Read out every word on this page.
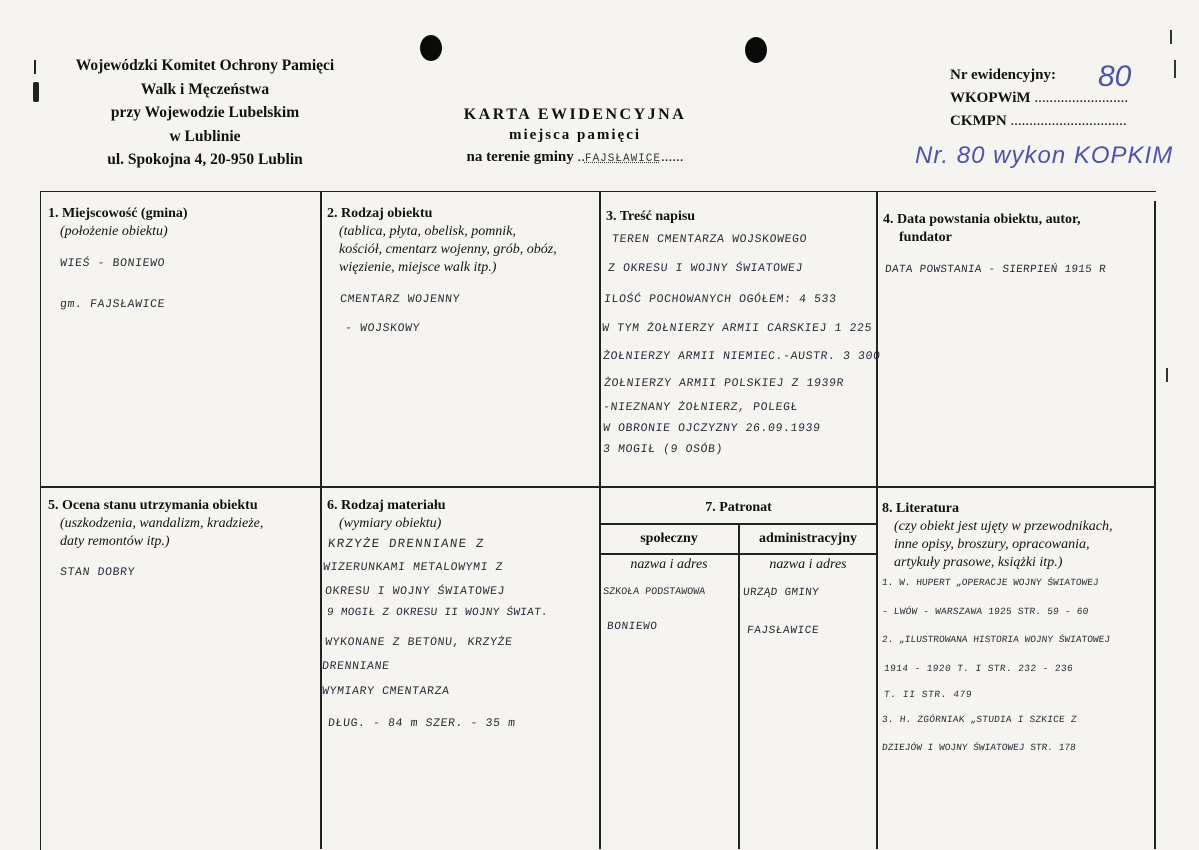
Wojewódzki Komitet Ochrony Pamięci
Walk i Męczeństwa
przy Wojewodzie Lubelskim
w Lublinie
ul. Spokojna 4, 20-950 Lublin
KARTA EWIDENCYJNA
miejsca pamięci
na terenie gminy ..FAJSŁAWICE......
Nr ewidencyjny:
WKOPWiM .........................
CKMPN ...............................
80
Nr. 80 wykon KOPKIM
1. Miejscowość (gmina)
(położenie obiektu)
WIEŚ - BONIEWO
gm. FAJSŁAWICE
2. Rodzaj obiektu
(tablica, płyta, obelisk, pomnik,
kościół, cmentarz wojenny, grób, obóz,
więzienie, miejsce walk itp.)
CMENTARZ WOJENNY
- WOJSKOWY
3. Treść napisu
TEREN CMENTARZA WOJSKOWEGO
Z OKRESU I WOJNY ŚWIATOWEJ
ILOŚĆ POCHOWANYCH OGÓŁEM: 4 533
W TYM ŻOŁNIERZY ARMII CARSKIEJ 1 225
ŻOŁNIERZY ARMII NIEMIEC.-AUSTR. 3 300
ŻOŁNIERZY ARMII POLSKIEJ Z 1939R
-NIEZNANY ŻOŁNIERZ, POLEGŁ
W OBRONIE OJCZYZNY 26.09.1939
3 MOGIŁ (9 OSÓB)
4. Data powstania obiektu, autor,
fundator
DATA POWSTANIA - SIERPIEŃ 1915 R
5. Ocena stanu utrzymania obiektu
(uszkodzenia, wandalizm, kradzieże,
daty remontów itp.)
STAN DOBRY
6. Rodzaj materiału
(wymiary obiektu)
KRZYŻE DRENNIANE Z
WIZERUNKAMI METALOWYMI Z
OKRESU I WOJNY ŚWIATOWEJ
9 MOGIŁ Z OKRESU II WOJNY ŚWIAT.
WYKONANE Z BETONU, KRZYŻE
DRENNIANE
WYMIARY CMENTARZA
DŁUG. - 84 m SZER. - 35 m
7. Patronat
społeczny	administracyjny
nazwa i adres	nazwa i adres
SZKOŁA PODSTAWOWA
BONIEWO
URZĄD GMINY
FAJSŁAWICE
8. Literatura
(czy obiekt jest ujęty w przewodnikach,
inne opisy, broszury, opracowania,
artykuły prasowe, książki itp.)
1. W. HUPERT „OPERACJE WOJNY ŚWIATOWEJ
- LWÓW - WARSZAWA 1925 STR. 59 - 60
2. „ILUSTROWANA HISTORIA WOJNY ŚWIATOWEJ
1914 - 1920 T. I STR. 232 - 236
T. II STR. 479
3. H. ZGÓRNIAK „STUDIA I SZKICE Z
DZIEJÓW I WOJNY ŚWIATOWEJ STR. 178
